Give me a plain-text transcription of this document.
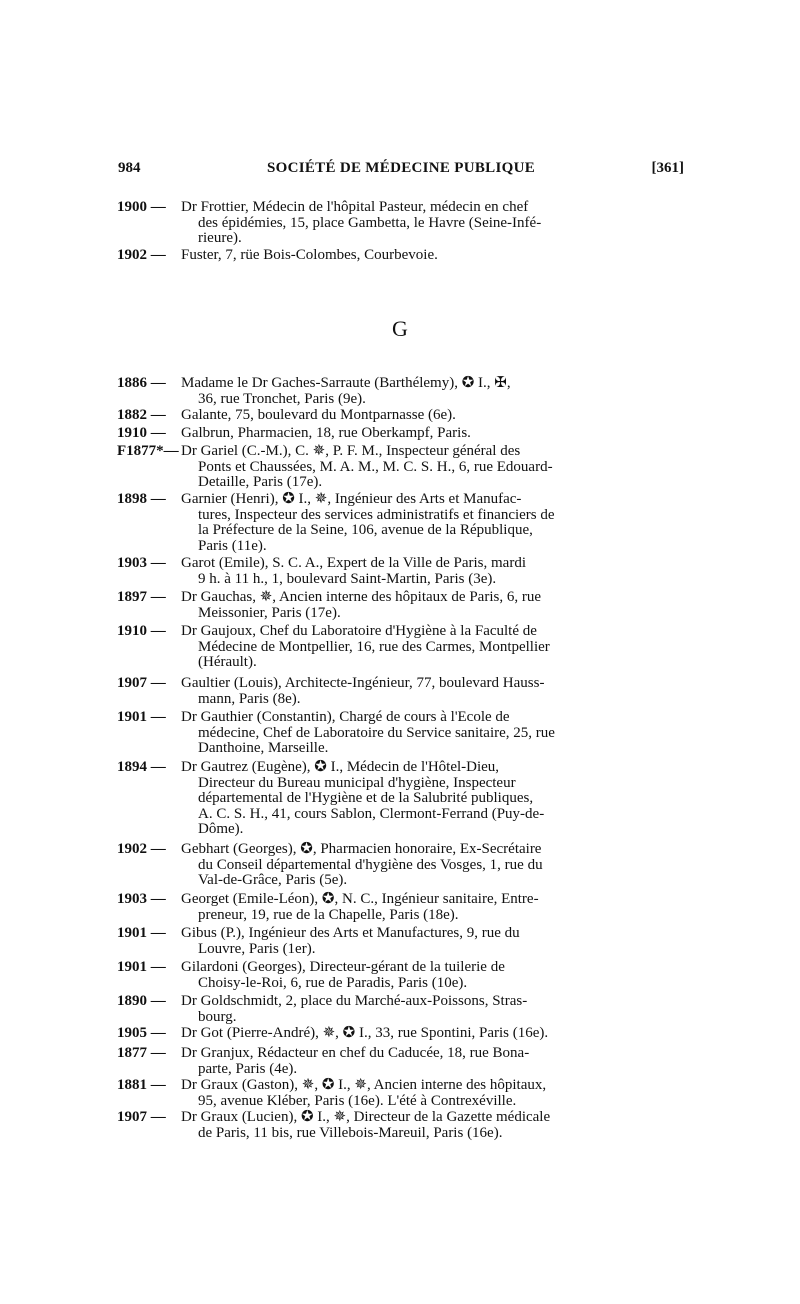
984	SOCIÉTÉ DE MÉDECINE PUBLIQUE	[361]
1900 —	Dr Frottier, Médecin de l'hôpital Pasteur, médecin en chef
des épidémies, 15, place Gambetta, le Havre (Seine-Infé-
rieure).
1902 —	Fuster, 7, rüe Bois-Colombes, Courbevoie.
G
1886 —	Madame le Dr Gaches-Sarraute (Barthélemy), ✪ I., ✠,
36, rue Tronchet, Paris (9e).
1882 —	Galante, 75, boulevard du Montparnasse (6e).
1910 —	Galbrun, Pharmacien, 18, rue Oberkampf, Paris.
F1877*— Dr Gariel (C.-M.), C. ✵, P. F. M., Inspecteur général des
Ponts et Chaussées, M. A. M., M. C. S. H., 6, rue Edouard-
Detaille, Paris (17e).
1898 —	Garnier (Henri), ✪ I., ✵, Ingénieur des Arts et Manufac-
tures, Inspecteur des services administratifs et financiers de
la Préfecture de la Seine, 106, avenue de la République,
Paris (11e).
1903 —	Garot (Emile), S. C. A., Expert de la Ville de Paris, mardi
9 h. à 11 h., 1, boulevard Saint-Martin, Paris (3e).
1897 —	Dr Gauchas, ✵, Ancien interne des hôpitaux de Paris, 6, rue
Meissonier, Paris (17e).
1910 —	Dr Gaujoux, Chef du Laboratoire d'Hygiène à la Faculté de
Médecine de Montpellier, 16, rue des Carmes, Montpellier
(Hérault).
1907 —	Gaultier (Louis), Architecte-Ingénieur, 77, boulevard Hauss-
mann, Paris (8e).
1901 —	Dr Gauthier (Constantin), Chargé de cours à l'Ecole de
médecine, Chef de Laboratoire du Service sanitaire, 25, rue
Danthoine, Marseille.
1894 —	Dr Gautrez (Eugène), ✪ I., Médecin de l'Hôtel-Dieu,
Directeur du Bureau municipal d'hygiène, Inspecteur
départemental de l'Hygiène et de la Salubrité publiques,
A. C. S. H., 41, cours Sablon, Clermont-Ferrand (Puy-de-
Dôme).
1902 —	Gebhart (Georges), ✪, Pharmacien honoraire, Ex-Secrétaire
du Conseil départemental d'hygiène des Vosges, 1, rue du
Val-de-Grâce, Paris (5e).
1903 —	Georget (Emile-Léon), ✪, N. C., Ingénieur sanitaire, Entre-
preneur, 19, rue de la Chapelle, Paris (18e).
1901 —	Gibus (P.), Ingénieur des Arts et Manufactures, 9, rue du
Louvre, Paris (1er).
1901 —	Gilardoni (Georges), Directeur-gérant de la tuilerie de
Choisy-le-Roi, 6, rue de Paradis, Paris (10e).
1890 —	Dr Goldschmidt, 2, place du Marché-aux-Poissons, Stras-
bourg.
1905 —	Dr Got (Pierre-André), ✵, ✪ I., 33, rue Spontini, Paris (16e).
1877 —	Dr Granjux, Rédacteur en chef du Caducée, 18, rue Bona-
parte, Paris (4e).
1881 —	Dr Graux (Gaston), ✵, ✪ I., ✵, Ancien interne des hôpitaux,
95, avenue Kléber, Paris (16e). L'été à Contrexéville.
1907 —	Dr Graux (Lucien), ✪ I., ✵, Directeur de la Gazette médicale
de Paris, 11 bis, rue Villebois-Mareuil, Paris (16e).
